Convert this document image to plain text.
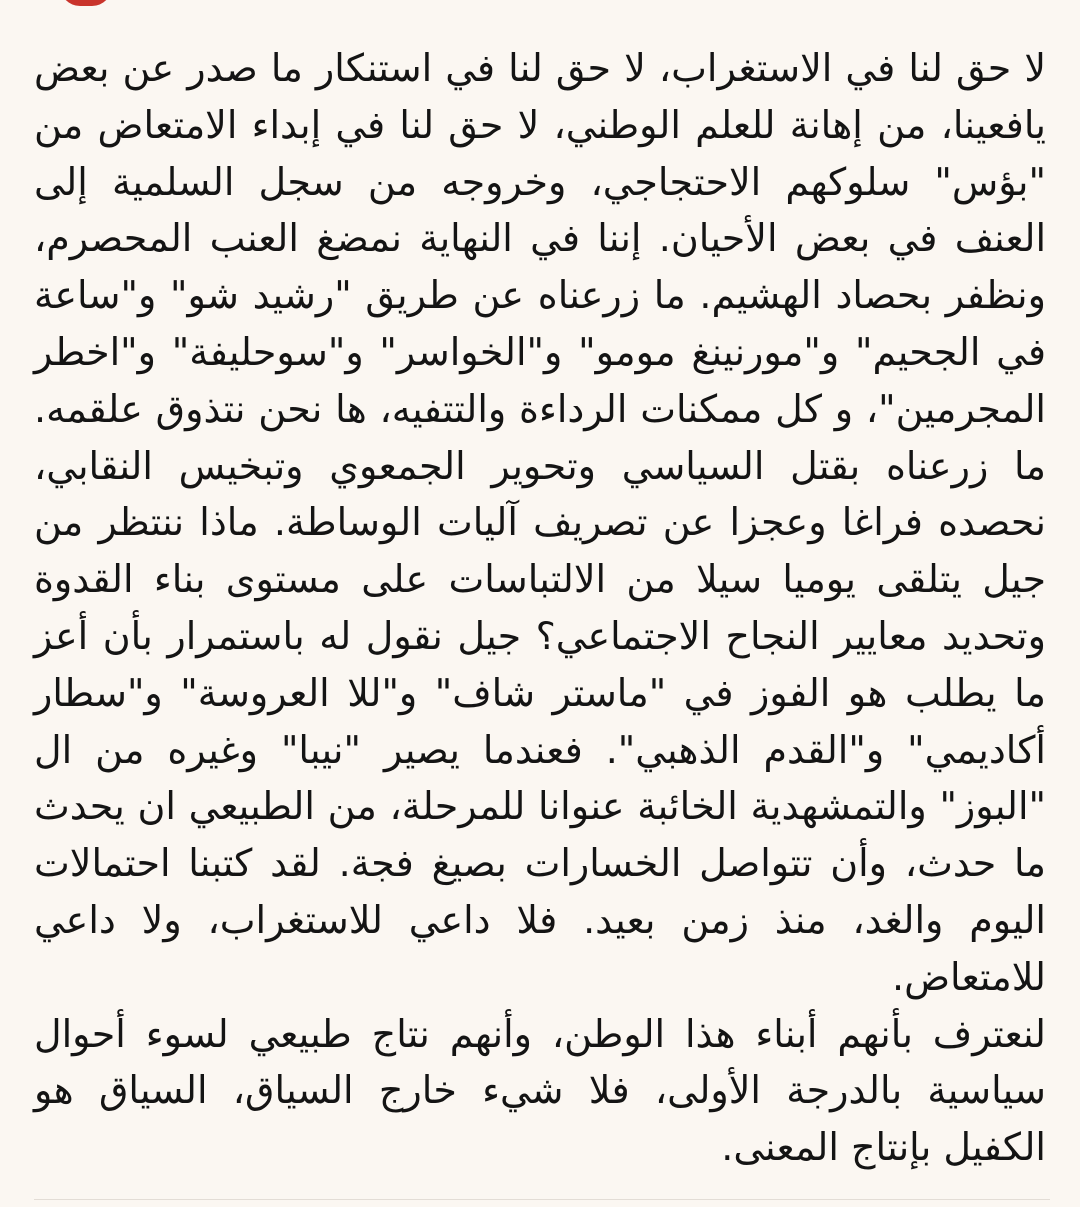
لا حق لنا في الاستغراب، لا حق لنا في استنكار ما صدر عن بعض يافعينا، من إهانة للعلم الوطني، لا حق لنا في إبداء الامتعاض من "بؤس" سلوكهم الاحتجاجي، وخروجه من سجل السلمية إلى العنف في بعض الأحيان. إننا في النهاية نمضغ العنب المحصرم، ونظفر بحصاد الهشيم. ما زرعناه عن طريق "رشيد شو" و"ساعة في الجحيم" و"مورنينغ مومو" و"الخواسر" و"سوحليفة" و"اخطر المجرمين"، و كل ممكنات الرداءة والتتفيه، ها نحن نتذوق علقمه. ما زرعناه بقتل السياسي وتحوير الجمعوي وتبخيس النقابي، نحصده فراغا وعجزا عن تصريف آليات الوساطة. ماذا ننتظر من جيل يتلقى يوميا سيلا من الالتباسات على مستوى بناء القدوة وتحديد معايير النجاح الاجتماعي؟ جيل نقول له باستمرار بأن أعز ما يطلب هو الفوز في "ماستر شاف" و"للا العروسة" و"سطار أكاديمي" و"القدم الذهبي". فعندما يصير "نيبا" وغيره من ال "البوز" والتمشهدية الخائبة عنوانا للمرحلة، من الطبيعي ان يحدث ما حدث، وأن تتواصل الخسارات بصيغ فجة. لقد كتبنا احتمالات اليوم والغد، منذ زمن بعيد. فلا داعي للاستغراب، ولا داعي للامتعاض.

لنعترف بأنهم أبناء هذا الوطن، وأنهم نتاج طبيعي لسوء أحوال سياسية بالدرجة الأولى، فلا شيء خارج السياق، السياق هو الكفيل بإنتاج المعنى.
